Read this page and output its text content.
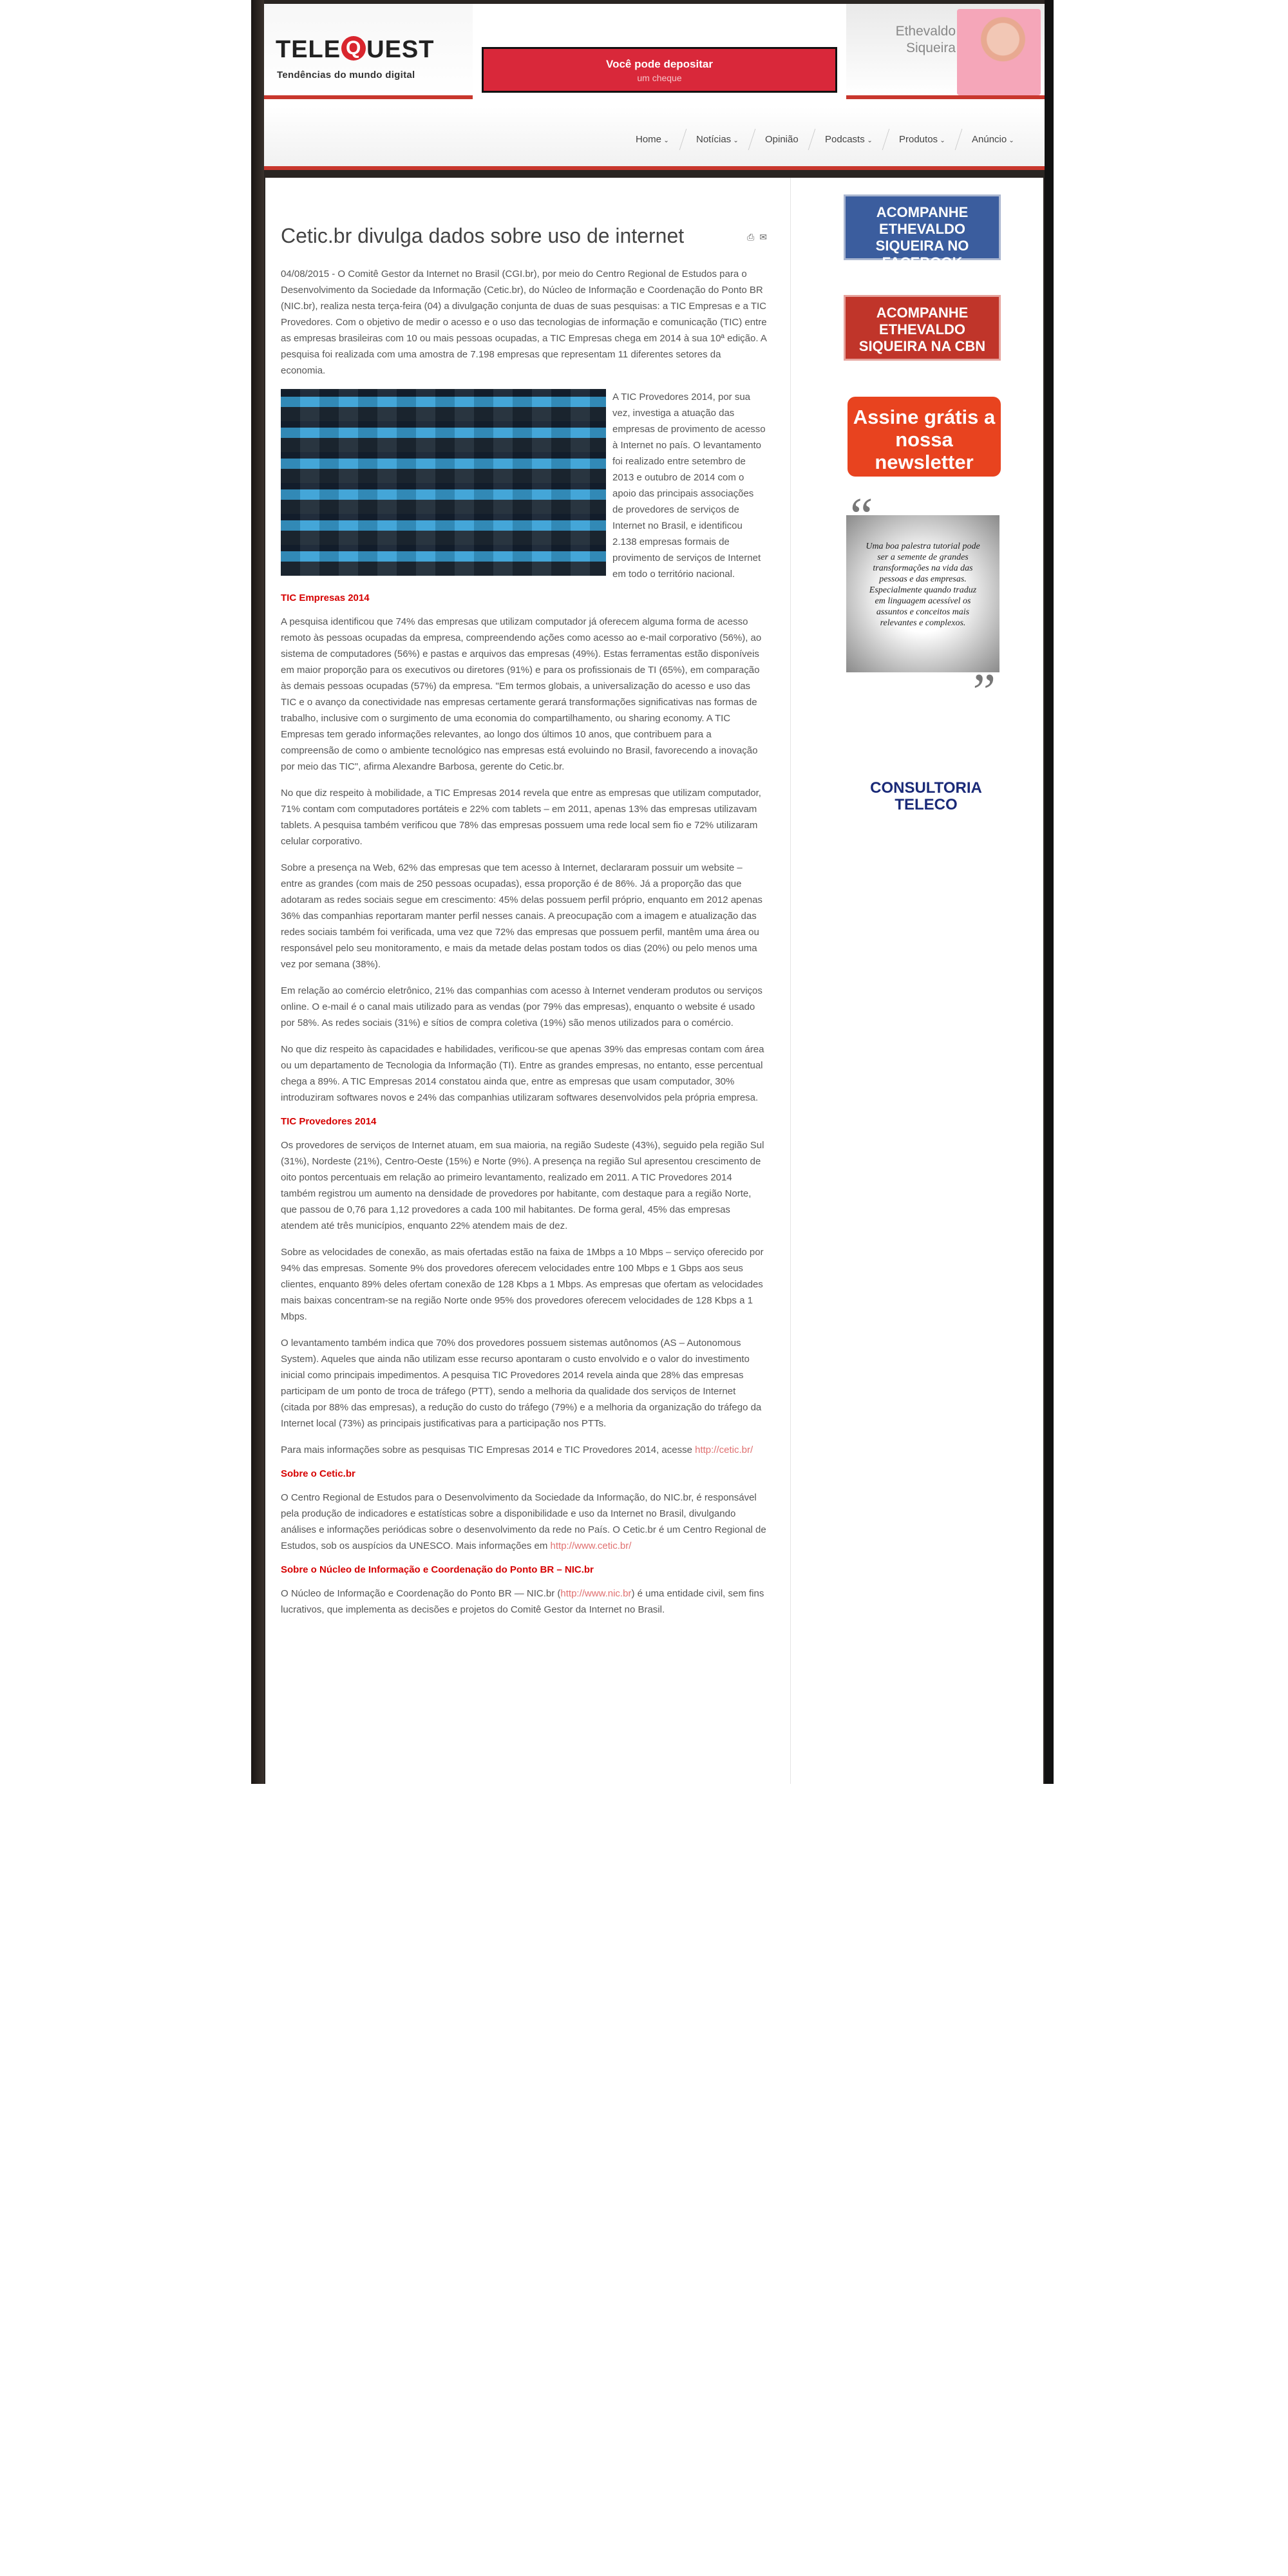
TELE Q UEST
Tendências do mundo digital
Você pode depositar
um cheque
Ethevaldo Siqueira
Home ⌄	Notícias ⌄	Opinião	Podcasts ⌄	Produtos ⌄	Anúncio ⌄
Cetic.br divulga dados sobre uso de internet	⎙ ✉

04/08/2015 - O Comitê Gestor da Internet no Brasil (CGI.br), por meio do Centro Regional de Estudos para o Desenvolvimento da Sociedade da Informação (Cetic.br), do Núcleo de Informação e Coordenação do Ponto BR (NIC.br), realiza nesta terça-feira (04) a divulgação conjunta de duas de suas pesquisas: a TIC Empresas e a TIC Provedores. Com o objetivo de medir o acesso e o uso das tecnologias de informação e comunicação (TIC) entre as empresas brasileiras com 10 ou mais pessoas ocupadas, a TIC Empresas chega em 2014 à sua 10ª edição. A pesquisa foi realizada com uma amostra de 7.198 empresas que representam 11 diferentes setores da economia.

A TIC Provedores 2014, por sua vez, investiga a atuação das empresas de provimento de acesso à Internet no país. O levantamento foi realizado entre setembro de 2013 e outubro de 2014 com o apoio das principais associações de provedores de serviços de Internet no Brasil, e identificou 2.138 empresas formais de provimento de serviços de Internet em todo o território nacional.

TIC Empresas 2014

A pesquisa identificou que 74% das empresas que utilizam computador já oferecem alguma forma de acesso remoto às pessoas ocupadas da empresa, compreendendo ações como acesso ao e-mail corporativo (56%), ao sistema de computadores (56%) e pastas e arquivos das empresas (49%). Estas ferramentas estão disponíveis em maior proporção para os executivos ou diretores (91%) e para os profissionais de TI (65%), em comparação às demais pessoas ocupadas (57%) da empresa. "Em termos globais, a universalização do acesso e uso das TIC e o avanço da conectividade nas empresas certamente gerará transformações significativas nas formas de trabalho, inclusive com o surgimento de uma economia do compartilhamento, ou sharing economy. A TIC Empresas tem gerado informações relevantes, ao longo dos últimos 10 anos, que contribuem para a compreensão de como o ambiente tecnológico nas empresas está evoluindo no Brasil, favorecendo a inovação por meio das TIC", afirma Alexandre Barbosa, gerente do Cetic.br.

No que diz respeito à mobilidade, a TIC Empresas 2014 revela que entre as empresas que utilizam computador, 71% contam com computadores portáteis e 22% com tablets – em 2011, apenas 13% das empresas utilizavam tablets. A pesquisa também verificou que 78% das empresas possuem uma rede local sem fio e 72% utilizaram celular corporativo.

Sobre a presença na Web, 62% das empresas que tem acesso à Internet, declararam possuir um website – entre as grandes (com mais de 250 pessoas ocupadas), essa proporção é de 86%. Já a proporção das que adotaram as redes sociais segue em crescimento: 45% delas possuem perfil próprio, enquanto em 2012 apenas 36% das companhias reportaram manter perfil nesses canais. A preocupação com a imagem e atualização das redes sociais também foi verificada, uma vez que 72% das empresas que possuem perfil, mantêm uma área ou responsável pelo seu monitoramento, e mais da metade delas postam todos os dias (20%) ou pelo menos uma vez por semana (38%).

Em relação ao comércio eletrônico, 21% das companhias com acesso à Internet venderam produtos ou serviços online. O e-mail é o canal mais utilizado para as vendas (por 79% das empresas), enquanto o website é usado por 58%. As redes sociais (31%) e sítios de compra coletiva (19%) são menos utilizados para o comércio.

No que diz respeito às capacidades e habilidades, verificou-se que apenas 39% das empresas contam com área ou um departamento de Tecnologia da Informação (TI). Entre as grandes empresas, no entanto, esse percentual chega a 89%. A TIC Empresas 2014 constatou ainda que, entre as empresas que usam computador, 30% introduziram softwares novos e 24% das companhias utilizaram softwares desenvolvidos pela própria empresa.

TIC Provedores 2014

Os provedores de serviços de Internet atuam, em sua maioria, na região Sudeste (43%), seguido pela região Sul (31%), Nordeste (21%), Centro-Oeste (15%) e Norte (9%). A presença na região Sul apresentou crescimento de oito pontos percentuais em relação ao primeiro levantamento, realizado em 2011. A TIC Provedores 2014 também registrou um aumento na densidade de provedores por habitante, com destaque para a região Norte, que passou de 0,76 para 1,12 provedores a cada 100 mil habitantes. De forma geral, 45% das empresas atendem até três municípios, enquanto 22% atendem mais de dez.

Sobre as velocidades de conexão, as mais ofertadas estão na faixa de 1Mbps a 10 Mbps – serviço oferecido por 94% das empresas. Somente 9% dos provedores oferecem velocidades entre 100 Mbps e 1 Gbps aos seus clientes, enquanto 89% deles ofertam conexão de 128 Kbps a 1 Mbps. As empresas que ofertam as velocidades mais baixas concentram-se na região Norte onde 95% dos provedores oferecem velocidades de 128 Kbps a 1 Mbps.

O levantamento também indica que 70% dos provedores possuem sistemas autônomos (AS – Autonomous System). Aqueles que ainda não utilizam esse recurso apontaram o custo envolvido e o valor do investimento inicial como principais impedimentos. A pesquisa TIC Provedores 2014 revela ainda que 28% das empresas participam de um ponto de troca de tráfego (PTT), sendo a melhoria da qualidade dos serviços de Internet (citada por 88% das empresas), a redução do custo do tráfego (79%) e a melhoria da organização do tráfego da Internet local (73%) as principais justificativas para a participação nos PTTs.

Para mais informações sobre as pesquisas TIC Empresas 2014 e TIC Provedores 2014, acesse http://cetic.br/

Sobre o Cetic.br

O Centro Regional de Estudos para o Desenvolvimento da Sociedade da Informação, do NIC.br, é responsável pela produção de indicadores e estatísticas sobre a disponibilidade e uso da Internet no Brasil, divulgando análises e informações periódicas sobre o desenvolvimento da rede no País. O Cetic.br é um Centro Regional de Estudos, sob os auspícios da UNESCO. Mais informações em http://www.cetic.br/

Sobre o Núcleo de Informação e Coordenação do Ponto BR – NIC.br

O Núcleo de Informação e Coordenação do Ponto BR — NIC.br (http://www.nic.br) é uma entidade civil, sem fins lucrativos, que implementa as decisões e projetos do Comitê Gestor da Internet no Brasil.

ACOMPANHE ETHEVALDO SIQUEIRA NO FACEBOOK
ACOMPANHE ETHEVALDO SIQUEIRA NA CBN
Assine grátis a nossa newsletter
“
Uma boa palestra tutorial pode ser a semente de grandes transformações na vida das pessoas e das empresas. Especialmente quando traduz em linguagem acessível os assuntos e conceitos mais relevantes e complexos.
”
CONSULTORIA TELECO
